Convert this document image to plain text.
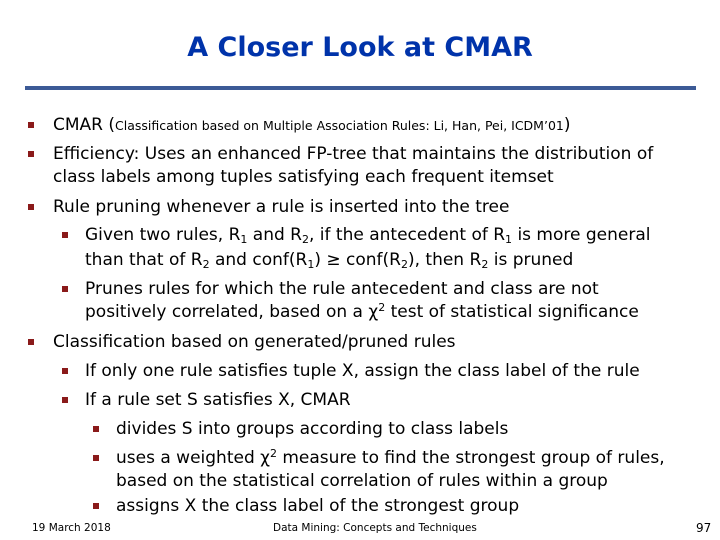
A Closer Look at CMAR
CMAR (Classification based on Multiple Association Rules: Li, Han, Pei, ICDM’01)
Efficiency: Uses an enhanced FP-tree that maintains the distribution of
class labels among tuples satisfying each frequent itemset
Rule pruning whenever a rule is inserted into the tree
Given two rules, $R_1$ and $R_2$, if the antecedent of $R_1$ is more general
than that of $R_2$ and $conf(R_1)$ ≥ $conf(R_2)$, then $R_2$ is pruned
Prunes rules for which the rule antecedent and class are not
positively correlated, based on a $\chi^2$ test of statistical significance
Classification based on generated/pruned rules
If only one rule satisfies tuple X, assign the class label of the rule
If a rule set S satisfies X, CMAR
divides S into groups according to class labels
uses a weighted $\chi^2$ measure to find the strongest group of rules,
based on the statistical correlation of rules within a group
assigns X the class label of the strongest group
19 March 2018	Data Mining: Concepts and Techniques	97
